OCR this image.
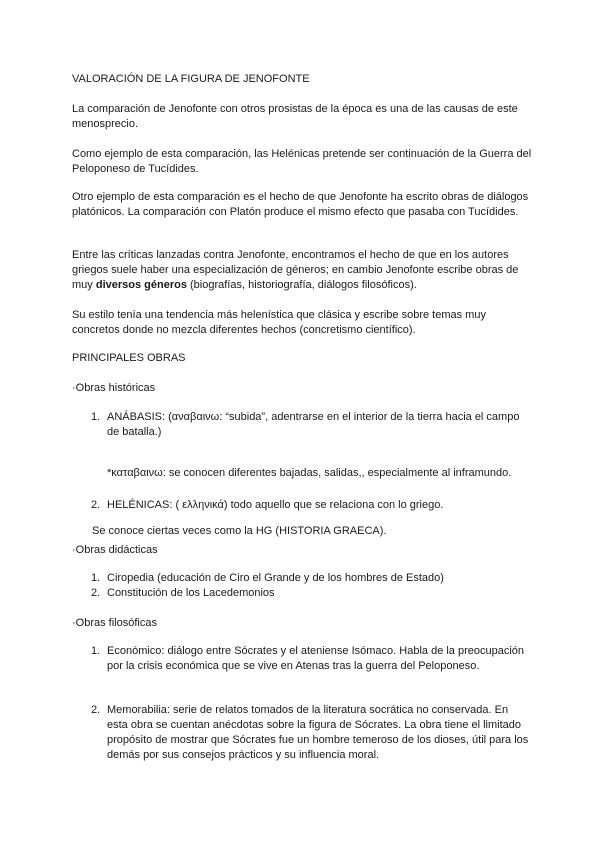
VALORACIÓN DE LA FIGURA DE JENOFONTE

La comparación de Jenofonte con otros prosistas de la época es una de las causas de este menosprecio.

Como ejemplo de esta comparación, las Helénicas pretende ser continuación de la Guerra del Peloponeso de Tucídides.

Otro ejemplo de esta comparación es el hecho de que Jenofonte ha escrito obras de diálogos platónicos. La comparación con Platón produce el mismo efecto que pasaba con Tucídides.

Entre las críticas lanzadas contra Jenofonte, encontramos el hecho de que en los autores griegos suele haber una especialización de géneros; en cambio Jenofonte escribe obras de muy diversos géneros (biografías, historiografía, diálogos filosóficos).

Su estilo tenía una tendencia más helenística que clásica y escribe sobre temas muy concretos donde no mezcla diferentes hechos (concretismo científico).

PRINCIPALES OBRAS

·Obras históricas

1. ANÁBASIS: (αναβαινω: “subida”, adentrarse en el interior de la tierra hacia el campo de batalla.)

*καταβαινω: se conocen diferentes bajadas, salidas,, especialmente al inframundo.

2. HELÉNICAS: ( ελληνικά) todo aquello que se relaciona con lo griego.

Se conoce ciertas veces como la HG (HISTORIA GRAECA).

·Obras didácticas

1. Ciropedia (educación de Ciro el Grande y de los hombres de Estado)
2. Constitución de los Lacedemonios

·Obras filosóficas

1. Económico: diálogo entre Sócrates y el ateniense Isómaco. Habla de la preocupación por la crisis económica que se vive en Atenas tras la guerra del Peloponeso.
2. Memorabilia: serie de relatos tomados de la literatura socrática no conservada. En esta obra se cuentan anécdotas sobre la figura de Sócrates. La obra tiene el limitado propósito de mostrar que Sócrates fue un hombre temeroso de los dioses, útil para los demás por sus consejos prácticos y su influencia moral.
